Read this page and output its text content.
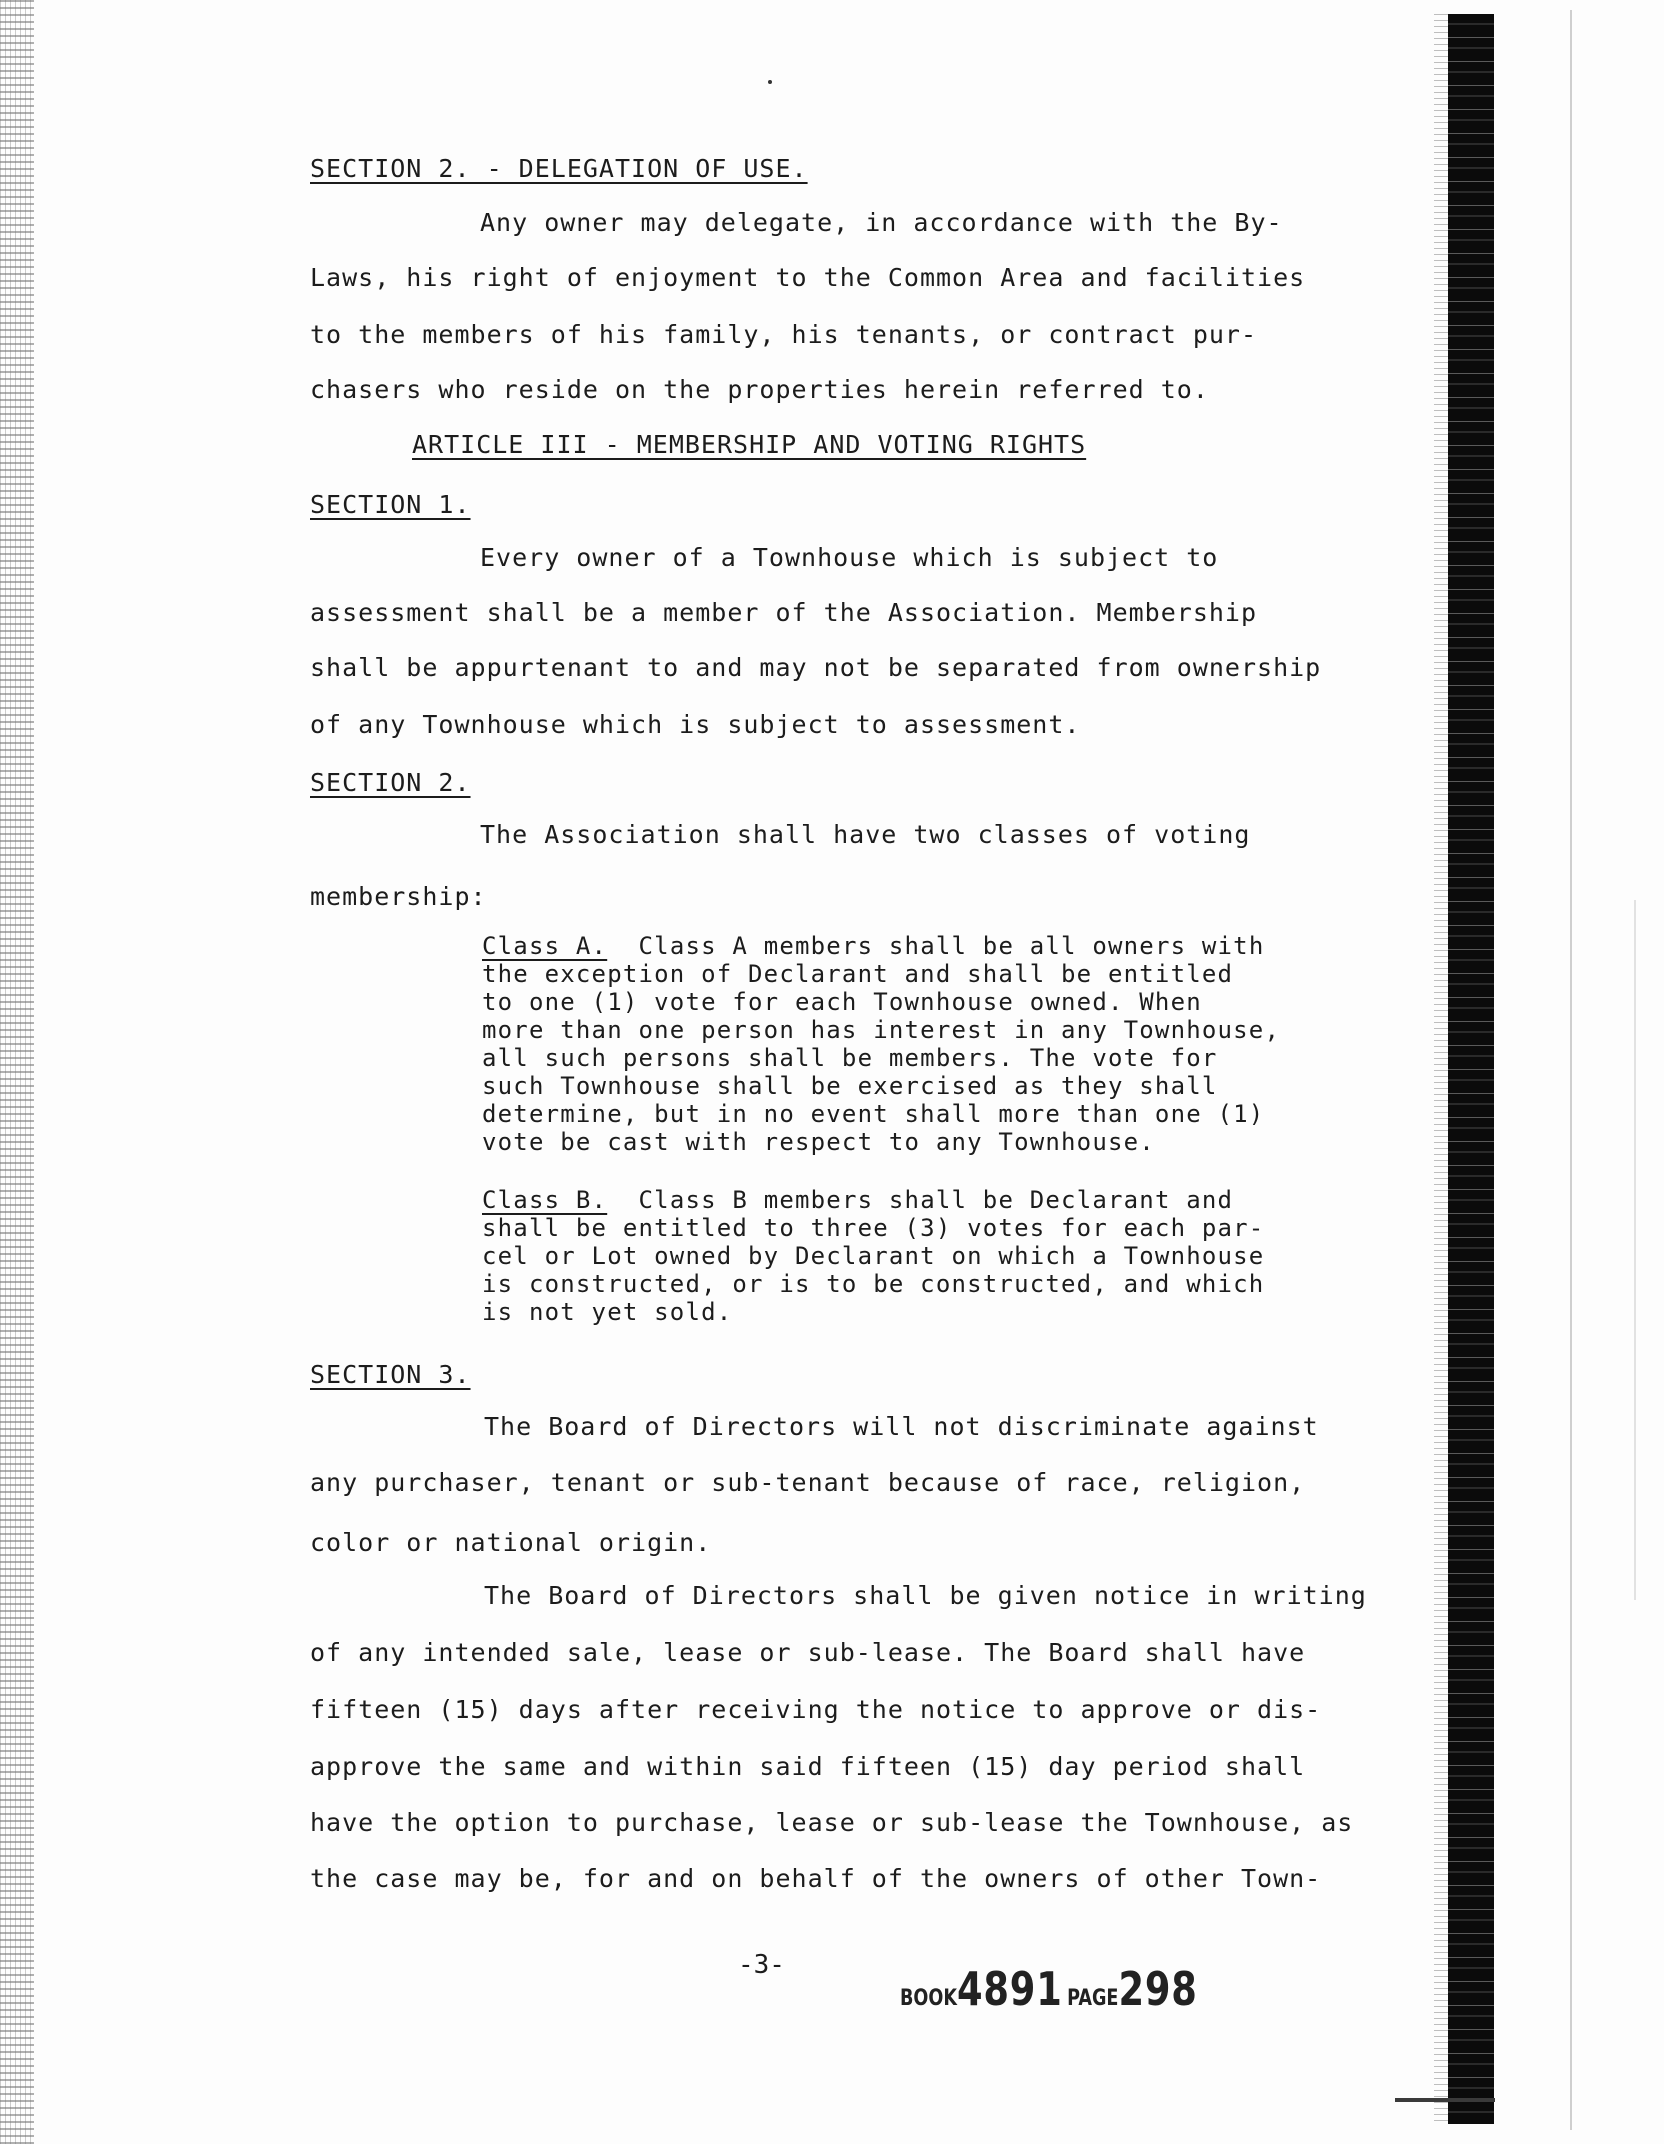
SECTION 2. - DELEGATION OF USE.
Any owner may delegate, in accordance with the By-
Laws, his right of enjoyment to the Common Area and facilities
to the members of his family, his tenants, or contract pur-
chasers who reside on the properties herein referred to.
ARTICLE III - MEMBERSHIP AND VOTING RIGHTS
SECTION 1.
Every owner of a Townhouse which is subject to
assessment shall be a member of the Association. Membership
shall be appurtenant to and may not be separated from ownership
of any Townhouse which is subject to assessment.
SECTION 2.
The Association shall have two classes of voting
membership:
Class A. Class A members shall be all owners with
the exception of Declarant and shall be entitled
to one (1) vote for each Townhouse owned. When
more than one person has interest in any Townhouse,
all such persons shall be members. The vote for
such Townhouse shall be exercised as they shall
determine, but in no event shall more than one (1)
vote be cast with respect to any Townhouse.
Class B. Class B members shall be Declarant and
shall be entitled to three (3) votes for each par-
cel or Lot owned by Declarant on which a Townhouse
is constructed, or is to be constructed, and which
is not yet sold.
SECTION 3.
The Board of Directors will not discriminate against
any purchaser, tenant or sub-tenant because of race, religion,
color or national origin.
The Board of Directors shall be given notice in writing
of any intended sale, lease or sub-lease. The Board shall have
fifteen (15) days after receiving the notice to approve or dis-
approve the same and within said fifteen (15) day period shall
have the option to purchase, lease or sub-lease the Townhouse, as
the case may be, for and on behalf of the owners of other Town-
-3-
BOOK4891 PAGE298
